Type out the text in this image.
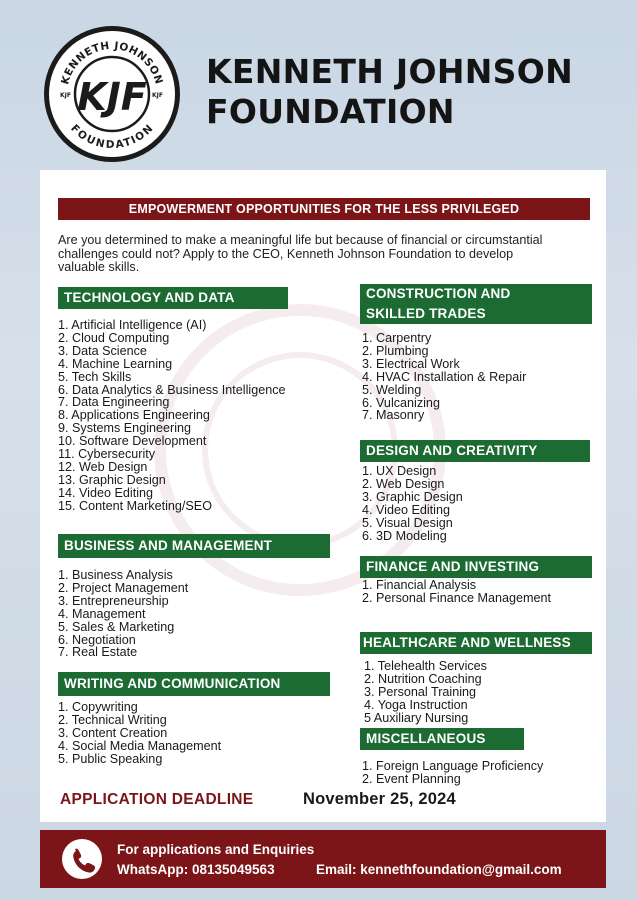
KENNETH JOHNSON
FOUNDATION
KJF
KJF	KJF
KENNETH JOHNSON
FOUNDATION
EMPOWERMENT OPPORTUNITIES FOR THE LESS PRIVILEGED
Are you determined to make a meaningful life but because of financial or circumstantial challenges could not? Apply to the CEO, Kenneth Johnson Foundation to develop valuable skills.
TECHNOLOGY AND DATA
1. Artificial Intelligence (AI)
2. Cloud Computing
3. Data Science
4. Machine Learning
5. Tech Skills
6. Data Analytics & Business Intelligence
7. Data Engineering
8. Applications Engineering
9. Systems Engineering
10. Software Development
11. Cybersecurity
12. Web Design
13. Graphic Design
14. Video Editing
15. Content Marketing/SEO
CONSTRUCTION AND
SKILLED TRADES
1. Carpentry
2. Plumbing
3. Electrical Work
4. HVAC Installation & Repair
5. Welding
6. Vulcanizing
7. Masonry
DESIGN AND CREATIVITY
1. UX Design
2. Web Design
3. Graphic Design
4. Video Editing
5. Visual Design
6. 3D Modeling
BUSINESS AND MANAGEMENT
1. Business Analysis
2. Project Management
3. Entrepreneurship
4. Management
5. Sales & Marketing
6. Negotiation
7. Real Estate
FINANCE AND INVESTING
1. Financial Analysis
2. Personal Finance Management
HEALTHCARE AND WELLNESS
1. Telehealth Services
2. Nutrition Coaching
3. Personal Training
4. Yoga Instruction
5 Auxiliary Nursing
WRITING AND COMMUNICATION
1. Copywriting
2. Technical Writing
3. Content Creation
4. Social Media Management
5. Public Speaking
MISCELLANEOUS
1. Foreign Language Proficiency
2. Event Planning
APPLICATION DEADLINE	November 25, 2024
For applications and Enquiries
WhatsApp: 08135049563	Email: kennethfoundation@gmail.com
